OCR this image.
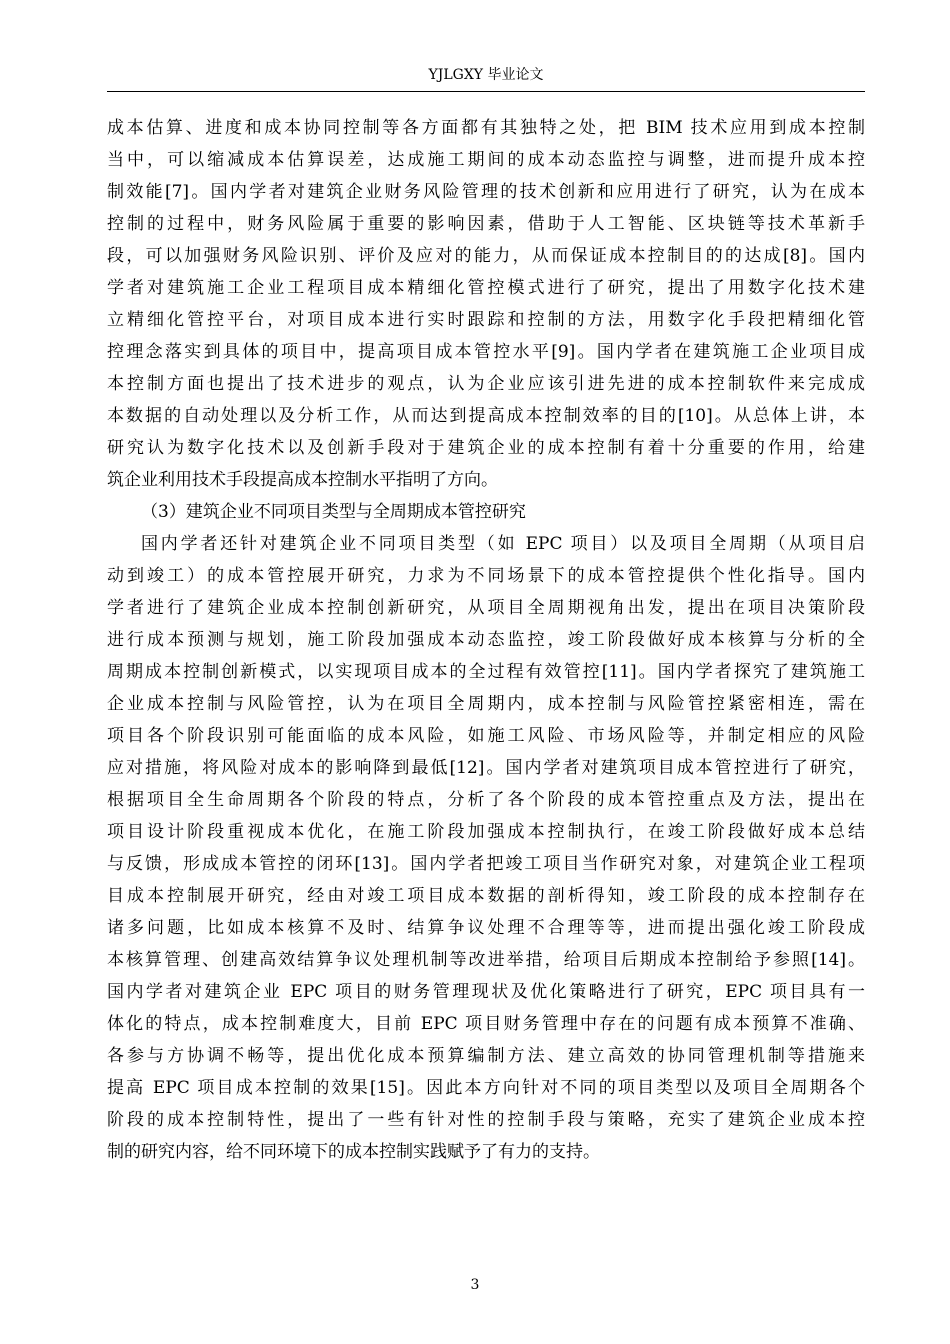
YJLGXY 毕业论文
成本估算、进度和成本协同控制等各方面都有其独特之处，把 BIM 技术应用到成本控制
当中，可以缩减成本估算误差，达成施工期间的成本动态监控与调整，进而提升成本控
制效能[7]。国内学者对建筑企业财务风险管理的技术创新和应用进行了研究，认为在成本
控制的过程中，财务风险属于重要的影响因素，借助于人工智能、区块链等技术革新手
段，可以加强财务风险识别、评价及应对的能力，从而保证成本控制目的的达成[8]。国内
学者对建筑施工企业工程项目成本精细化管控模式进行了研究，提出了用数字化技术建
立精细化管控平台，对项目成本进行实时跟踪和控制的方法，用数字化手段把精细化管
控理念落实到具体的项目中，提高项目成本管控水平[9]。国内学者在建筑施工企业项目成
本控制方面也提出了技术进步的观点，认为企业应该引进先进的成本控制软件来完成成
本数据的自动处理以及分析工作，从而达到提高成本控制效率的目的[10]。从总体上讲，本
研究认为数字化技术以及创新手段对于建筑企业的成本控制有着十分重要的作用，给建
筑企业利用技术手段提高成本控制水平指明了方向。
（3）建筑企业不同项目类型与全周期成本管控研究
国内学者还针对建筑企业不同项目类型（如 EPC 项目）以及项目全周期（从项目启
动到竣工）的成本管控展开研究，力求为不同场景下的成本管控提供个性化指导。国内
学者进行了建筑企业成本控制创新研究，从项目全周期视角出发，提出在项目决策阶段
进行成本预测与规划，施工阶段加强成本动态监控，竣工阶段做好成本核算与分析的全
周期成本控制创新模式，以实现项目成本的全过程有效管控[11]。国内学者探究了建筑施工
企业成本控制与风险管控，认为在项目全周期内，成本控制与风险管控紧密相连，需在
项目各个阶段识别可能面临的成本风险，如施工风险、市场风险等，并制定相应的风险
应对措施，将风险对成本的影响降到最低[12]。国内学者对建筑项目成本管控进行了研究，
根据项目全生命周期各个阶段的特点，分析了各个阶段的成本管控重点及方法，提出在
项目设计阶段重视成本优化，在施工阶段加强成本控制执行，在竣工阶段做好成本总结
与反馈，形成成本管控的闭环[13]。国内学者把竣工项目当作研究对象，对建筑企业工程项
目成本控制展开研究，经由对竣工项目成本数据的剖析得知，竣工阶段的成本控制存在
诸多问题，比如成本核算不及时、结算争议处理不合理等等，进而提出强化竣工阶段成
本核算管理、创建高效结算争议处理机制等改进举措，给项目后期成本控制给予参照[14]。
国内学者对建筑企业 EPC 项目的财务管理现状及优化策略进行了研究，EPC 项目具有一
体化的特点，成本控制难度大，目前 EPC 项目财务管理中存在的问题有成本预算不准确、
各参与方协调不畅等，提出优化成本预算编制方法、建立高效的协同管理机制等措施来
提高 EPC 项目成本控制的效果[15]。因此本方向针对不同的项目类型以及项目全周期各个
阶段的成本控制特性，提出了一些有针对性的控制手段与策略，充实了建筑企业成本控
制的研究内容，给不同环境下的成本控制实践赋予了有力的支持。
3
